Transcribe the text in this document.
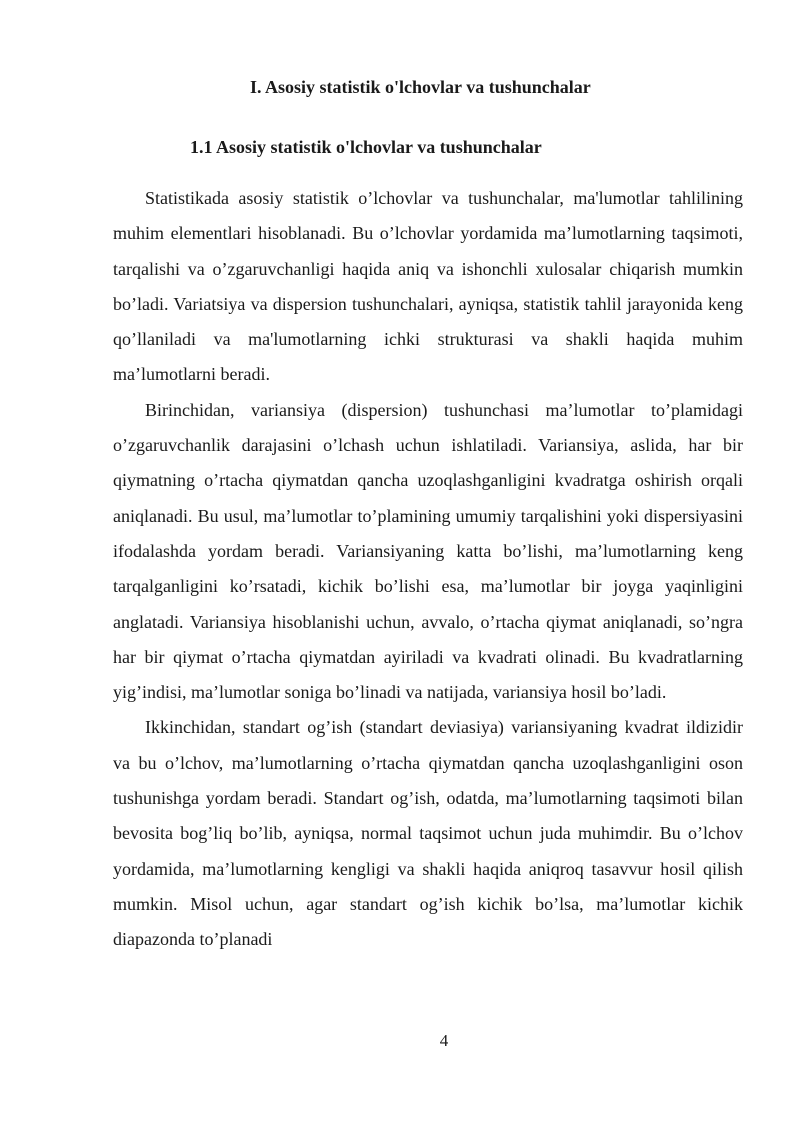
I. Asosiy statistik o'lchovlar va tushunchalar
1.1 Asosiy statistik o'lchovlar va tushunchalar

Statistikada asosiy statistik o’lchovlar va tushunchalar, ma'lumotlar tahlilining muhim elementlari hisoblanadi. Bu o’lchovlar yordamida ma’lumotlarning taqsimoti, tarqalishi va o’zgaruvchanligi haqida aniq va ishonchli xulosalar chiqarish mumkin bo’ladi. Variatsiya va dispersion tushunchalari, ayniqsa, statistik tahlil jarayonida keng qo’llaniladi va ma'lumotlarning ichki strukturasi va shakli haqida muhim ma’lumotlarni beradi.

Birinchidan, variansiya (dispersion) tushunchasi ma’lumotlar to’plamidagi o’zgaruvchanlik darajasini o’lchash uchun ishlatiladi. Variansiya, aslida, har bir qiymatning o’rtacha qiymatdan qancha uzoqlashganligini kvadratga oshirish orqali aniqlanadi. Bu usul, ma’lumotlar to’plamining umumiy tarqalishini yoki dispersiyasini ifodalashda yordam beradi. Variansiyaning katta bo’lishi, ma’lumotlarning keng tarqalganligini ko’rsatadi, kichik bo’lishi esa, ma’lumotlar bir joyga yaqinligini anglatadi. Variansiya hisoblanishi uchun, avvalo, o’rtacha qiymat aniqlanadi, so’ngra har bir qiymat o’rtacha qiymatdan ayiriladi va kvadrati olinadi. Bu kvadratlarning yig’indisi, ma’lumotlar soniga bo’linadi va natijada, variansiya hosil bo’ladi.

Ikkinchidan, standart og’ish (standart deviasiya) variansiyaning kvadrat ildizidir va bu o’lchov, ma’lumotlarning o’rtacha qiymatdan qancha uzoqlashganligini oson tushunishga yordam beradi. Standart og’ish, odatda, ma’lumotlarning taqsimoti bilan bevosita bog’liq bo’lib, ayniqsa, normal taqsimot uchun juda muhimdir. Bu o’lchov yordamida, ma’lumotlarning kengligi va shakli haqida aniqroq tasavvur hosil qilish mumkin. Misol uchun, agar standart og’ish kichik bo’lsa, ma’lumotlar kichik diapazonda to’planadi

4
